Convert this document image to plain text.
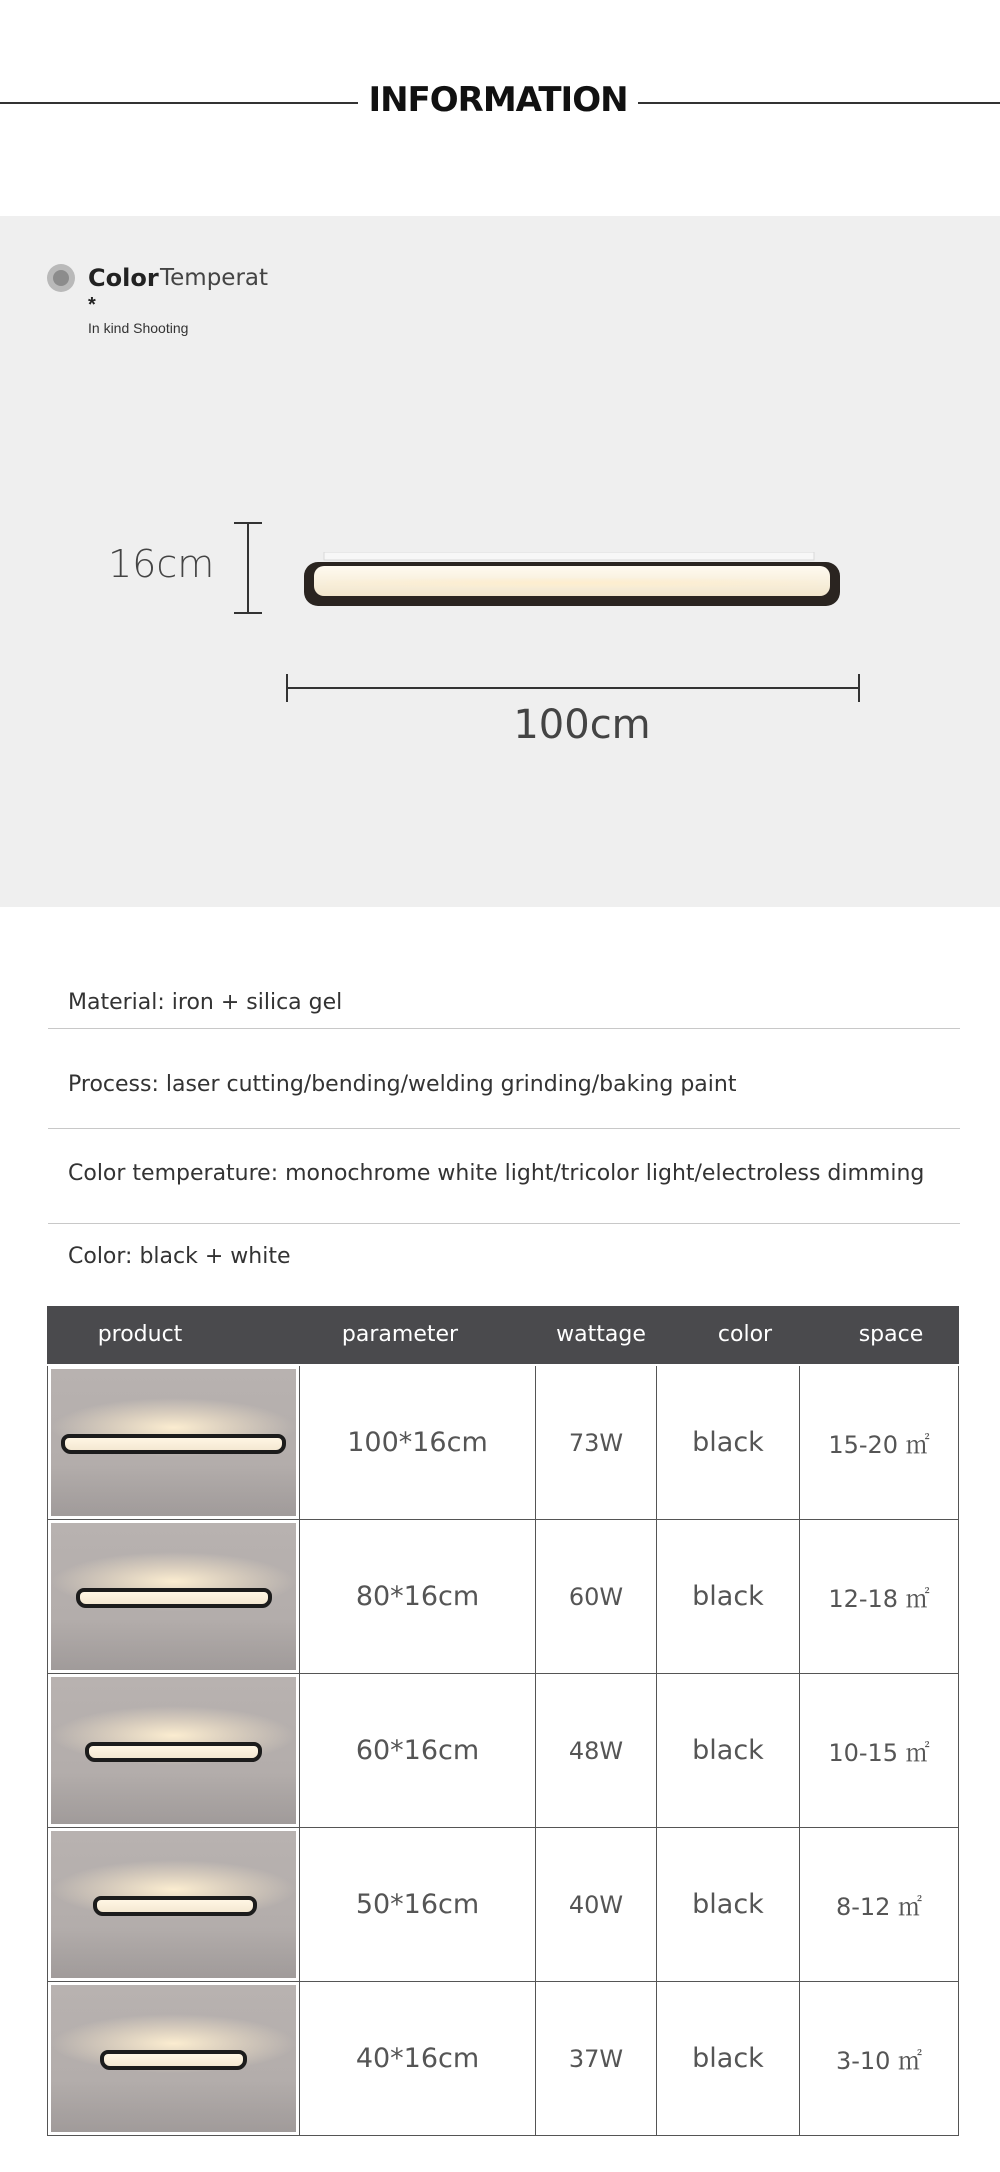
INFORMATION
Color Temperat
*
In kind Shooting
16cm
100cm
Material: iron + silica gel
Process: laser cutting/bending/welding grinding/baking paint
Color temperature: monochrome white light/tricolor light/electroless dimming
Color: black + white
product	parameter	wattage	color	space
100*16cm	73W	black	15-20 ㎡
80*16cm	60W	black	12-18 ㎡
60*16cm	48W	black	10-15 ㎡
50*16cm	40W	black	8-12 ㎡
40*16cm	37W	black	3-10 ㎡
